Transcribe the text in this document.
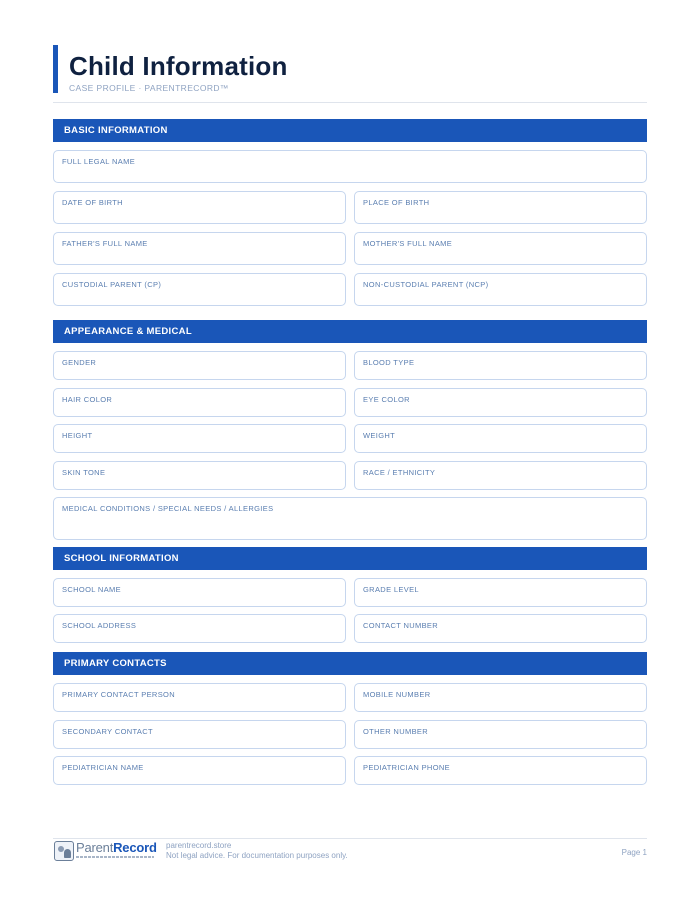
Child Information
CASE PROFILE · PARENTRECORD™
BASIC INFORMATION
FULL LEGAL NAME
DATE OF BIRTH	PLACE OF BIRTH
FATHER'S FULL NAME	MOTHER'S FULL NAME
CUSTODIAL PARENT (CP)	NON-CUSTODIAL PARENT (NCP)
APPEARANCE & MEDICAL
GENDER	BLOOD TYPE
HAIR COLOR	EYE COLOR
HEIGHT	WEIGHT
SKIN TONE	RACE / ETHNICITY
MEDICAL CONDITIONS / SPECIAL NEEDS / ALLERGIES
SCHOOL INFORMATION
SCHOOL NAME	GRADE LEVEL
SCHOOL ADDRESS	CONTACT NUMBER
PRIMARY CONTACTS
PRIMARY CONTACT PERSON	MOBILE NUMBER
SECONDARY CONTACT	OTHER NUMBER
PEDIATRICIAN NAME	PEDIATRICIAN PHONE
ParentRecord parentrecord.store
Not legal advice. For documentation purposes only.	Page 1
